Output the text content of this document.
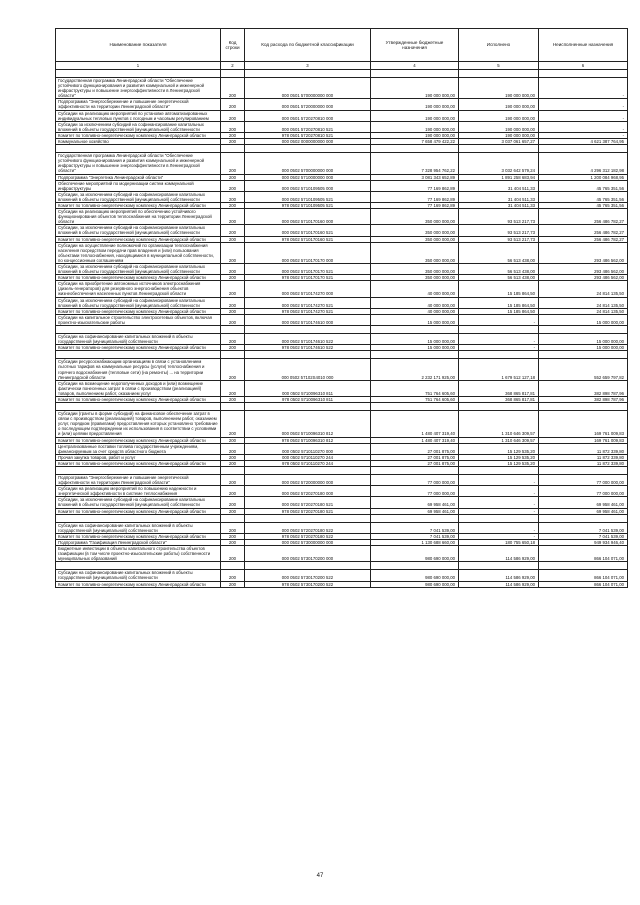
Наименование показателя	Код строки	Код расхода по бюджетной классификации	Утвержденные бюджетные назначения	Исполнено	Неисполненные назначения
1	2	3	4	5	6

Государственная программа Ленинградской области "Обеспечение устойчивого функционирования и развития коммунальной и инженерной инфраструктуры и повышение энергоэффективности в Ленинградской области"	200	000 0501 5700000000 000	190 000 000,00	190 000 000,00	-
Подпрограмма "Энергосбережение и повышение энергетической эффективности на территории Ленинградской области"	200	000 0501 5720000000 000	190 000 000,00	190 000 000,00	-
Субсидии на реализацию мероприятий по установке автоматизированных индивидуальных тепловых пунктов с погодным и часовым регулированием	200	000 0501 5720270810 000	190 000 000,00	190 000 000,00	-
Субсидии за исключением субсидий на софинансирование капитальных вложений в объекты государственной (муниципальной) собственности	200	000 0501 5720270810 521	190 000 000,00	190 000 000,00	-
Комитет по топливно-энергетическому комплексу Ленинградской области	200	978 0501 5720270810 521	190 000 000,00	190 000 000,00	-
Коммунальное хозяйство	200	000 0502 0000000000 000	7 658 479 422,22	3 037 061 657,27	4 621 387 764,95

Государственная программа Ленинградской области "Обеспечение устойчивого функционирования и развития коммунальной и инженерной инфраструктуры и повышение энергоэффективности в Ленинградской области"	200	000 0502 5700000000 000	7 328 954 762,22	3 032 642 579,24	4 296 312 182,98
Подпрограмма "Энергетика Ленинградской области"	200	000 0502 5710000000 000	3 081 343 652,89	1 891 258 683,94	1 200 084 968,95
Обеспечение мероприятий по модернизации систем коммунальной инфраструктуры	200	000 0502 5710109505 000	77 169 862,89	31 404 511,33	45 765 351,56
Субсидии, за исключением субсидий на софинансирование капитальных вложений в объекты государственной (муниципальной) собственности	200	000 0502 5710109505 521	77 169 862,89	31 404 511,33	45 765 351,56
Комитет по топливно-энергетическому комплексу Ленинградской области	200	978 0502 5710109505 521	77 169 862,89	31 404 511,33	45 765 351,56
Субсидии на реализацию мероприятий по обеспечению устойчивого функционирования объектов теплоснабжения на территории Ленинградской области	200	000 0502 5710170160 000	350 000 000,00	93 513 217,73	256 486 782,27
Субсидии, за исключением субсидий на софинансирование капитальных вложений в объекты государственной (муниципальной) собственности	200	000 0502 5710170160 521	350 000 000,00	93 513 217,73	256 486 782,27
Комитет по топливно-энергетическому комплексу Ленинградской области	200	978 0502 5710170160 521	350 000 000,00	93 513 217,73	256 486 782,27
Субсидии на осуществление полномочий по организации теплоснабжения населения посредством передачи прав владения и (или) пользования объектами теплоснабжения, находящимися в муниципальной собственности, по концессионным соглашениям	200	000 0502 5710170170 000	350 000 000,00	56 513 438,00	293 486 562,00
Субсидии, за исключением субсидий на софинансирование капитальных вложений в объекты государственной (муниципальной) собственности	200	000 0502 5710170170 521	350 000 000,00	56 513 438,00	293 486 562,00
Комитет по топливно-энергетическому комплексу Ленинградской области	200	978 0502 5710170170 521	350 000 000,00	56 513 438,00	293 486 562,00
Субсидии на приобретение автономных источников электроснабжения (дизель-генераторов) для резервного энергоснабжения объектов жизнеобеспечения населенных пунктов Ленинградской области	200	000 0502 5710174270 000	40 000 000,00	15 185 864,50	24 814 135,50
Субсидии, за исключением субсидий на софинансирование капитальных вложений в объекты государственной (муниципальной) собственности	200	000 0502 5710174270 521	40 000 000,00	15 185 864,50	24 814 135,50
Комитет по топливно-энергетическому комплексу Ленинградской области	200	978 0502 5710174270 521	40 000 000,00	15 185 864,50	24 814 135,50
Субсидии на капитальное строительство электросетевых объектов, включая проектно-изыскательские работы	200	000 0502 5710174610 000	15 000 000,00	-	15 000 000,00

Субсидии на софинансирование капитальных вложений в объекты государственной (муниципальной) собственности	200	000 0502 5710174610 522	15 000 000,00	-	15 000 000,00
Комитет по топливно-энергетическому комплексу Ленинградской области	200	978 0502 5710174610 522	15 000 000,00	-	15 000 000,00

Субсидии ресурсоснабжающим организациям в связи с установлением льготных тарифов на коммунальные ресурсы (услуги) теплоснабжения и горячего водоснабжения (тепловые сети) (на ремонты) ... на территории Ленинградской области	200	000 0502 57102S4010 000	2 232 171 925,00	1 679 512 127,18	552 659 797,82
Субсидии на возмещение недополученных доходов и (или) возмещение фактически понесенных затрат в связи с производством (реализацией) товаров, выполнением работ, оказанием услуг	200	000 0502 5710096310 811	751 764 605,60	368 865 817,81	382 898 787,96
Комитет по топливно-энергетическому комплексу Ленинградской области	200	978 0502 5710096310 811	751 764 605,60	368 865 817,81	382 898 787,96

Субсидии (гранты в форме субсидий) на финансовое обеспечение затрат в связи с производством (реализацией) товаров, выполнением работ, оказанием услуг, порядком (правилами) предоставления которых установлено требование о последующем подтверждении их использования в соответствии с условиями и (или) целями предоставления	200	000 0502 5710096310 812	1 480 407 319,40	1 310 646 309,57	169 761 009,83
Комитет по топливно-энергетическому комплексу Ленинградской области	200	978 0502 5710096310 812	1 480 407 319,40	1 310 646 309,57	169 761 009,83
Централизованные поставки топлива государственным учреждениям, финансируемым за счет средств областного бюджета	200	000 0502 5710110270 000	27 001 875,00	15 129 535,20	11 872 339,80
Прочая закупка товаров, работ и услуг	200	000 0502 5710110270 244	27 001 875,00	15 129 535,20	11 872 339,80
Комитет по топливно-энергетическому комплексу Ленинградской области	200	978 0502 5710110270 244	27 001 875,00	15 129 535,20	11 872 339,80

Подпрограмма "Энергосбережение и повышение энергетической эффективности на территории Ленинградской области"	200	000 0502 5720000000 000	77 000 000,00	-	77 000 000,00
Субсидии на реализацию мероприятий по повышению надежности и энергетической эффективности в системе теплоснабжения	200	000 0502 5720270180 000	77 000 000,00	-	77 000 000,00
Субсидии, за исключением субсидий на софинансирование капитальных вложений в объекты государственной (муниципальной) собственности	200	000 0502 5720270180 521	69 958 461,00	-	69 958 461,00
Комитет по топливно-энергетическому комплексу Ленинградской области	200	978 0502 5720270180 521	69 958 461,00	-	69 958 461,00

Субсидии на софинансирование капитальных вложений в объекты государственной (муниципальной) собственности	200	000 0502 5720270180 522	7 041 539,00	-	7 041 539,00
Комитет по топливно-энергетическому комплексу Ленинградской области	200	978 0502 5720270180 522	7 041 539,00	-	7 041 539,00
Подпрограмма "Газификация Ленинградской области"	200	000 0502 5730000000 000	1 130 688 660,00	180 755 650,18	949 934 946,40
Бюджетные инвестиции в объекты капитального строительства объектов газификации (в том числе проектно-изыскательские работы) собственности муниципальных образований	200	000 0502 5730170200 000	980 690 000,00	114 586 929,00	866 104 071,00

Субсидии на софинансирование капитальных вложений в объекты государственной (муниципальной) собственности	200	000 0502 5730170200 522	980 690 000,00	114 586 929,00	866 104 071,00
Комитет по топливно-энергетическому комплексу Ленинградской области	200	978 0502 5730170200 522	980 690 000,00	114 586 929,00	866 104 071,00
47
